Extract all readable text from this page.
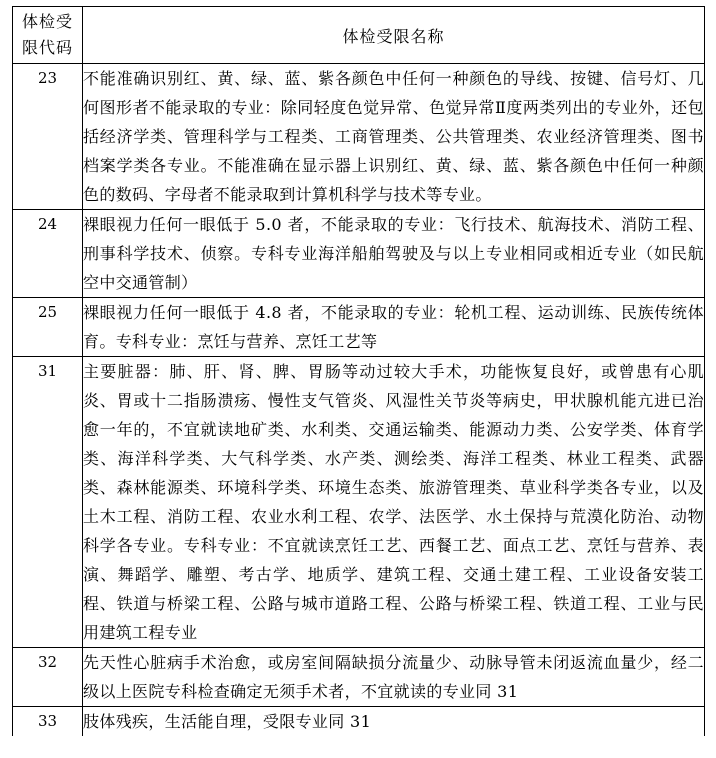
体检受
限代码	体检受限名称
23	不能准确识别红、黄、绿、蓝、紫各颜色中任何一种颜色的导线、按键、信号灯、几何图形者不能录取的专业：除同轻度色觉异常、色觉异常Ⅱ度两类列出的专业外，还包括经济学类、管理科学与工程类、工商管理类、公共管理类、农业经济管理类、图书档案学类各专业。不能准确在显示器上识别红、黄、绿、蓝、紫各颜色中任何一种颜色的数码、字母者不能录取到计算机科学与技术等专业。
24	裸眼视力任何一眼低于 5.0 者，不能录取的专业：飞行技术、航海技术、消防工程、刑事科学技术、侦察。专科专业海洋船舶驾驶及与以上专业相同或相近专业（如民航空中交通管制）
25	裸眼视力任何一眼低于 4.8 者，不能录取的专业：轮机工程、运动训练、民族传统体育。专科专业：烹饪与营养、烹饪工艺等
31	主要脏器：肺、肝、肾、脾、胃肠等动过较大手术，功能恢复良好，或曾患有心肌炎、胃或十二指肠溃疡、慢性支气管炎、风湿性关节炎等病史，甲状腺机能亢进已治愈一年的，不宜就读地矿类、水利类、交通运输类、能源动力类、公安学类、体育学类、海洋科学类、大气科学类、水产类、测绘类、海洋工程类、林业工程类、武器类、森林能源类、环境科学类、环境生态类、旅游管理类、草业科学类各专业，以及土木工程、消防工程、农业水利工程、农学、法医学、水土保持与荒漠化防治、动物科学各专业。专科专业：不宜就读烹饪工艺、西餐工艺、面点工艺、烹饪与营养、表演、舞蹈学、雕塑、考古学、地质学、建筑工程、交通土建工程、工业设备安装工程、铁道与桥梁工程、公路与城市道路工程、公路与桥梁工程、铁道工程、工业与民用建筑工程专业
32	先天性心脏病手术治愈，或房室间隔缺损分流量少、动脉导管未闭返流血量少，经二级以上医院专科检查确定无须手术者，不宜就读的专业同 31
33	肢体残疾，生活能自理，受限专业同 31
